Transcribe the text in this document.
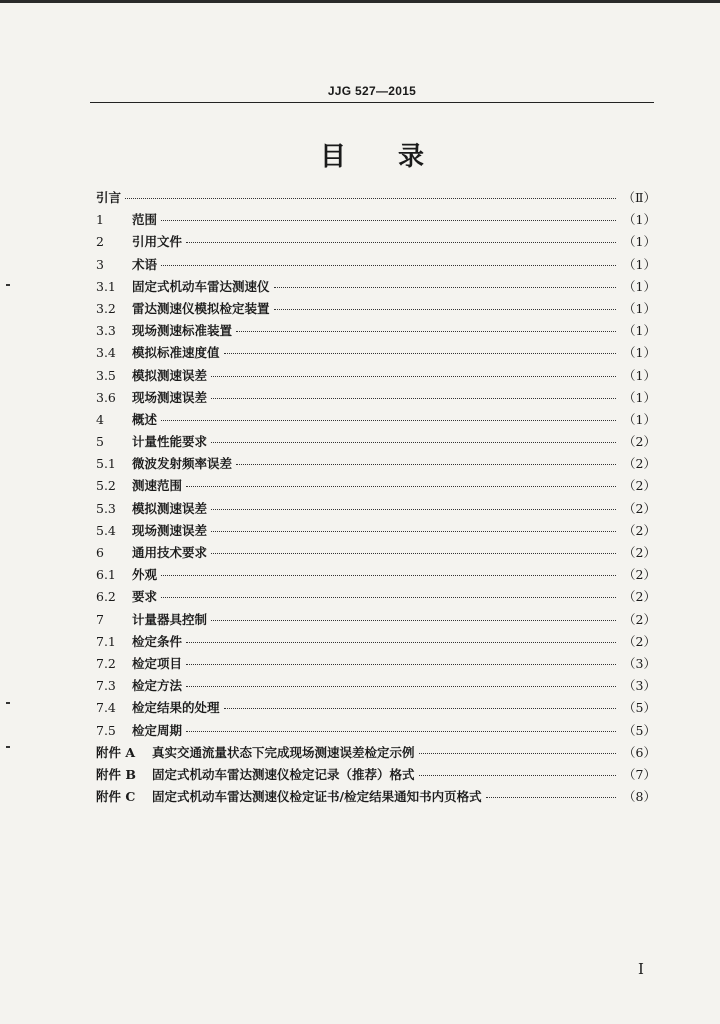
JJG 527—2015
目 录
引言	（Ⅱ）
1	范围	（1）
2	引用文件	（1）
3	术语	（1）
3.1	固定式机动车雷达测速仪	（1）
3.2	雷达测速仪模拟检定装置	（1）
3.3	现场测速标准装置	（1）
3.4	模拟标准速度值	（1）
3.5	模拟测速误差	（1）
3.6	现场测速误差	（1）
4	概述	（1）
5	计量性能要求	（2）
5.1	微波发射频率误差	（2）
5.2	测速范围	（2）
5.3	模拟测速误差	（2）
5.4	现场测速误差	（2）
6	通用技术要求	（2）
6.1	外观	（2）
6.2	要求	（2）
7	计量器具控制	（2）
7.1	检定条件	（2）
7.2	检定项目	（3）
7.3	检定方法	（3）
7.4	检定结果的处理	（5）
7.5	检定周期	（5）
附件 A	真实交通流量状态下完成现场测速误差检定示例	（6）
附件 B	固定式机动车雷达测速仪检定记录（推荐）格式	（7）
附件 C	固定式机动车雷达测速仪检定证书/检定结果通知书内页格式	（8）
I
